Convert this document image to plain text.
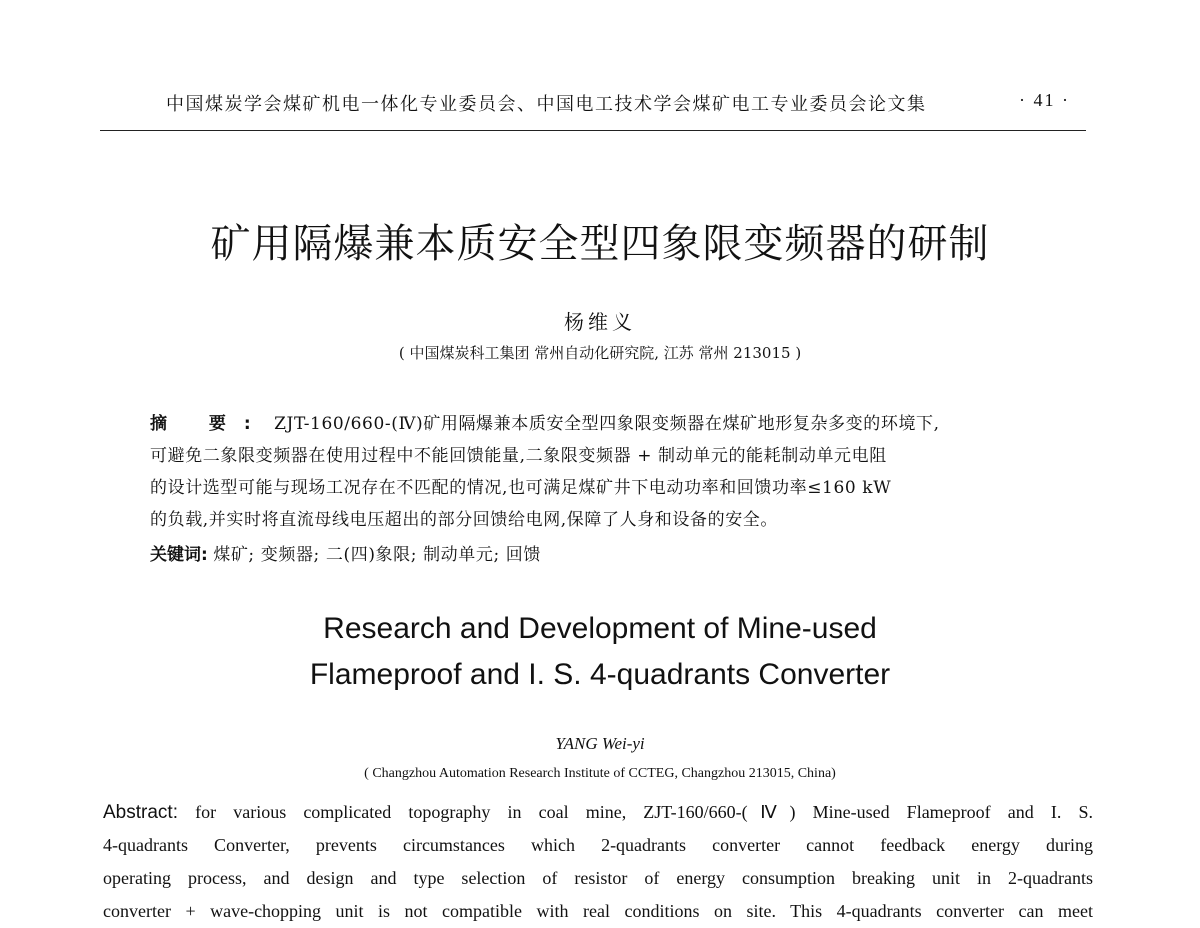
中国煤炭学会煤矿机电一体化专业委员会、中国电工技术学会煤矿电工专业委员会论文集	· 41 ·
矿用隔爆兼本质安全型四象限变频器的研制
杨维义
( 中国煤炭科工集团 常州自动化研究院, 江苏 常州 213015 )
摘 要: ZJT-160/660-(Ⅳ)矿用隔爆兼本质安全型四象限变频器在煤矿地形复杂多变的环境下,
可避免二象限变频器在使用过程中不能回馈能量,二象限变频器 + 制动单元的能耗制动单元电阻
的设计选型可能与现场工况存在不匹配的情况,也可满足煤矿井下电动功率和回馈功率≤160 kW
的负载,并实时将直流母线电压超出的部分回馈给电网,保障了人身和设备的安全。
关键词: 煤矿; 变频器; 二(四)象限; 制动单元; 回馈
Research and Development of Mine-used
Flameproof and I. S. 4-quadrants Converter
YANG Wei-yi
( Changzhou Automation Research Institute of CCTEG, Changzhou 213015, China)
Abstract: for various complicated topography in coal mine, ZJT-160/660-(Ⅳ) Mine-used Flameproof and I. S.
4-quadrants Converter, prevents circumstances which 2-quadrants converter cannot feedback energy during
operating process, and design and type selection of resistor of energy consumption breaking unit in 2-quadrants
converter + wave-chopping unit is not compatible with real conditions on site. This 4-quadrants converter can meet
